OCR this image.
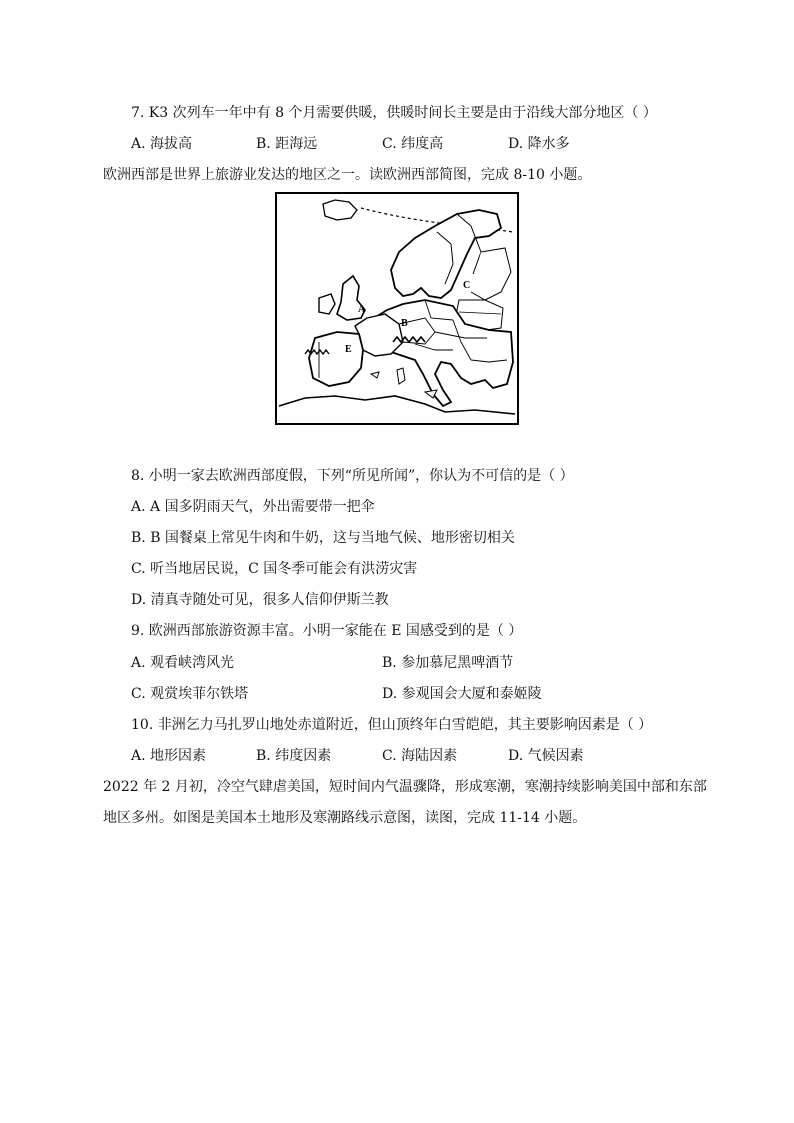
7. K3 次列车一年中有 8 个月需要供暖，供暖时间长主要是由于沿线大部分地区（ ）
A. 海拔高	B. 距海远	C. 纬度高	D. 降水多
欧洲西部是世界上旅游业发达的地区之一。读欧洲西部简图，完成 8-10 小题。
A
B
C
E
8. 小明一家去欧洲西部度假，下列“所见所闻”，你认为不可信的是（ ）
A. A 国多阴雨天气，外出需要带一把伞
B. B 国餐桌上常见牛肉和牛奶，这与当地气候、地形密切相关
C. 听当地居民说，C 国冬季可能会有洪涝灾害
D. 清真寺随处可见，很多人信仰伊斯兰教
9. 欧洲西部旅游资源丰富。小明一家能在 E 国感受到的是（ ）
A. 观看峡湾风光	B. 参加慕尼黑啤酒节
C. 观赏埃菲尔铁塔	D. 参观国会大厦和泰姬陵
10. 非洲乞力马扎罗山地处赤道附近，但山顶终年白雪皑皑，其主要影响因素是（ ）
A. 地形因素	B. 纬度因素	C. 海陆因素	D. 气候因素
2022 年 2 月初，冷空气肆虐美国，短时间内气温骤降，形成寒潮，寒潮持续影响美国中部和东部
地区多州。如图是美国本土地形及寒潮路线示意图，读图，完成 11-14 小题。
